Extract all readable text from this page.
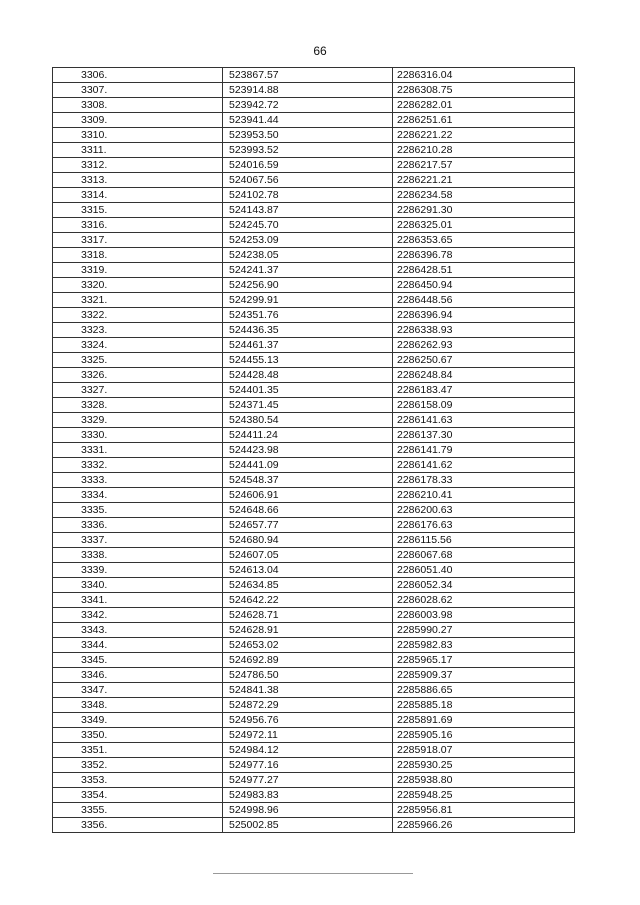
66
3306.	523867.57	2286316.04
3307.	523914.88	2286308.75
3308.	523942.72	2286282.01
3309.	523941.44	2286251.61
3310.	523953.50	2286221.22
3311.	523993.52	2286210.28
3312.	524016.59	2286217.57
3313.	524067.56	2286221.21
3314.	524102.78	2286234.58
3315.	524143.87	2286291.30
3316.	524245.70	2286325.01
3317.	524253.09	2286353.65
3318.	524238.05	2286396.78
3319.	524241.37	2286428.51
3320.	524256.90	2286450.94
3321.	524299.91	2286448.56
3322.	524351.76	2286396.94
3323.	524436.35	2286338.93
3324.	524461.37	2286262.93
3325.	524455.13	2286250.67
3326.	524428.48	2286248.84
3327.	524401.35	2286183.47
3328.	524371.45	2286158.09
3329.	524380.54	2286141.63
3330.	524411.24	2286137.30
3331.	524423.98	2286141.79
3332.	524441.09	2286141.62
3333.	524548.37	2286178.33
3334.	524606.91	2286210.41
3335.	524648.66	2286200.63
3336.	524657.77	2286176.63
3337.	524680.94	2286115.56
3338.	524607.05	2286067.68
3339.	524613.04	2286051.40
3340.	524634.85	2286052.34
3341.	524642.22	2286028.62
3342.	524628.71	2286003.98
3343.	524628.91	2285990.27
3344.	524653.02	2285982.83
3345.	524692.89	2285965.17
3346.	524786.50	2285909.37
3347.	524841.38	2285886.65
3348.	524872.29	2285885.18
3349.	524956.76	2285891.69
3350.	524972.11	2285905.16
3351.	524984.12	2285918.07
3352.	524977.16	2285930.25
3353.	524977.27	2285938.80
3354.	524983.83	2285948.25
3355.	524998.96	2285956.81
3356.	525002.85	2285966.26
